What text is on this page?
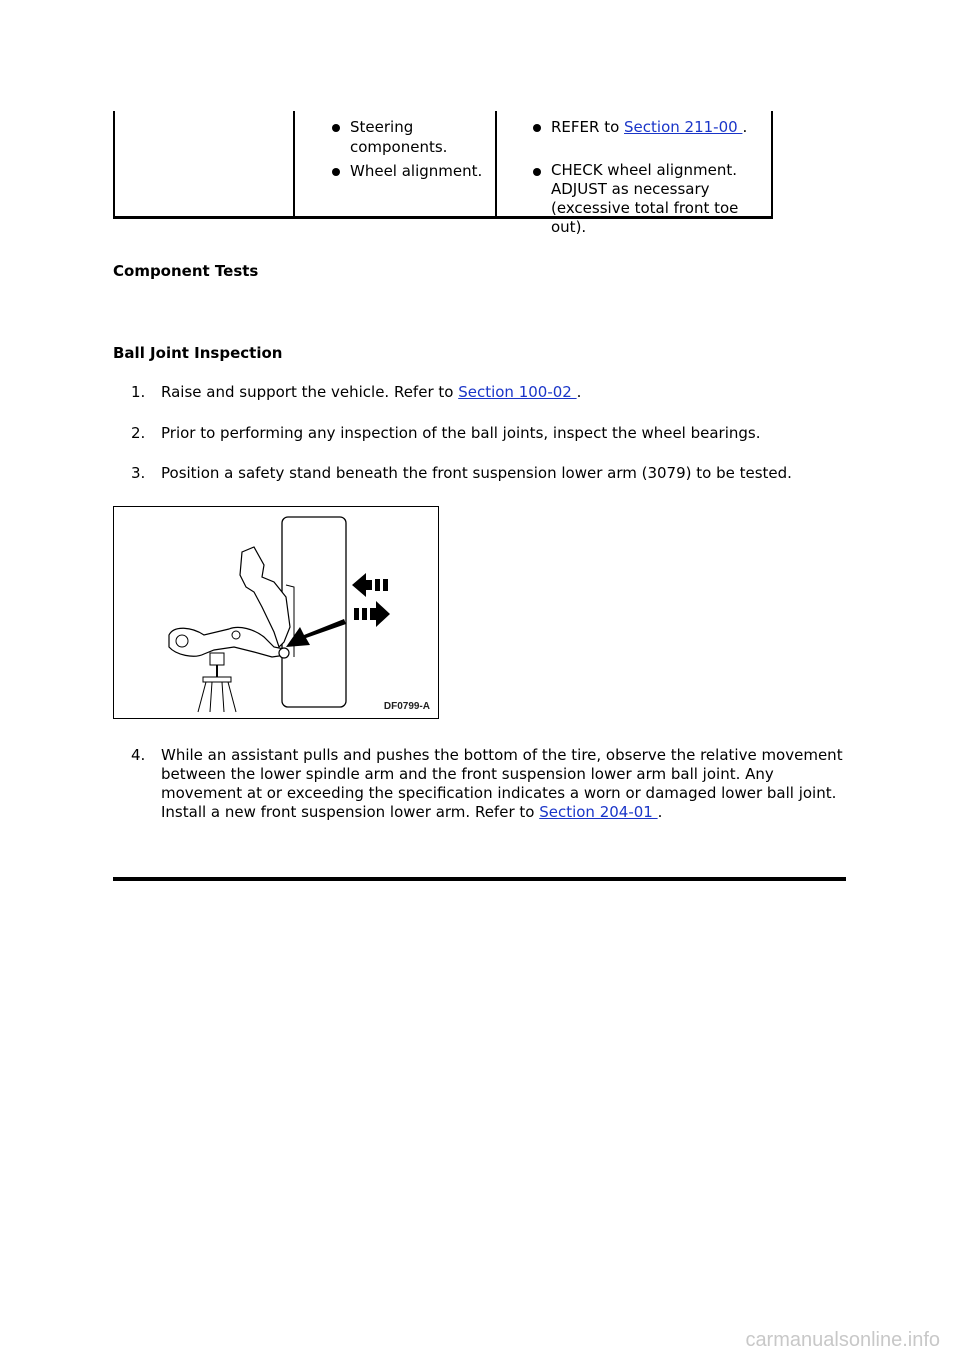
Steering components.
REFER to Section 211-00 .
Wheel alignment.	CHECK wheel alignment. ADJUST as necessary (excessive total front toe out).
Component Tests
Ball Joint Inspection
1. Raise and support the vehicle. Refer to Section 100-02 .
2. Prior to performing any inspection of the ball joints, inspect the wheel bearings.
3. Position a safety stand beneath the front suspension lower arm (3079) to be tested.
DF0799-A
4. While an assistant pulls and pushes the bottom of the tire, observe the relative movement between the lower spindle arm and the front suspension lower arm ball joint. Any movement at or exceeding the specification indicates a worn or damaged lower ball joint. Install a new front suspension lower arm. Refer to Section 204-01 .
carmanualsonline.info
